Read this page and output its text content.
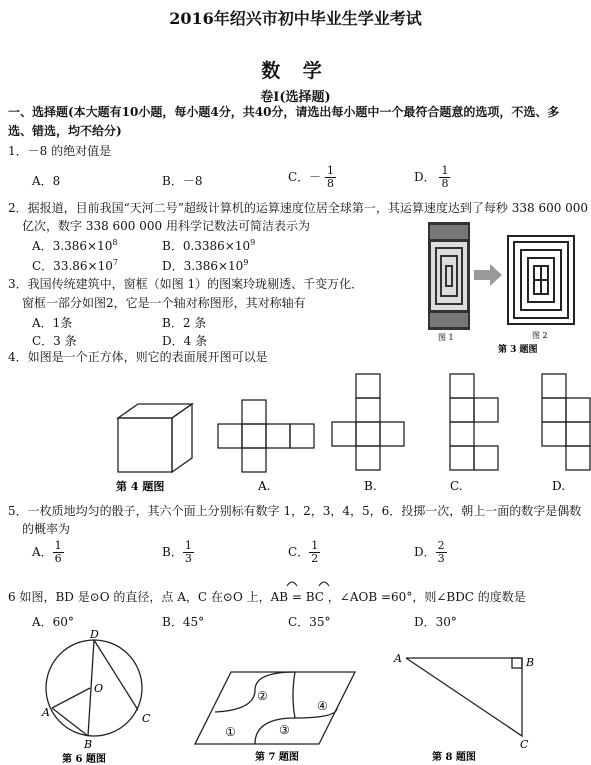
2016年绍兴市初中毕业生学业考试
数 学
卷Ⅰ(选择题)
一、选择题(本大题有10小题，每小题4分，共40分，请选出每小题中一个最符合题意的选项，不选、多
选、错选，均不给分)
1．－8 的绝对值是
A．8	B．－8	C．－ $\frac{1}{8}$	D． $\frac{1}{8}$
2．据报道，目前我国“天河二号”超级计算机的运算速度位居全球第一，其运算速度达到了每秒 338 600 000
亿次，数字 338 600 000 用科学记数法可简洁表示为
A．$3.386\times 10^8$	B．$0.3386\times 10^9$
C．$33.86\times 10^7$	D．$3.386\times 10^9$
3．我国传统建筑中，窗框（如图 1）的图案玲珑剔透、千变万化．
窗框一部分如图2，它是一个轴对称图形，其对称轴有
A．1条	B．2 条
C．3 条	D．4 条	图 1	图 2
第 3 题图
4．如图是一个正方体，则它的表面展开图可以是
第 4 题图	A.	B.	C.	D.
5．一枚质地均匀的骰子，其六个面上分别标有数字 1，2，3，4，5，6．投掷一次，朝上一面的数字是偶数
的概率为
A． $\frac{1}{6}$	B． $\frac{1}{3}$	C． $\frac{1}{2}$	D． $\frac{2}{3}$
6 如图，BD 是⊙O 的直径，点 A，C 在⊙O 上，AB = BC ，∠AOB =60°，则∠BDC 的度数是
A．60°	B．45°	C．35°	D．30°
D
O
A	C
B
第 6 题图
②
④
③
①
第 7 题图
A	B
C
第 8 题图
